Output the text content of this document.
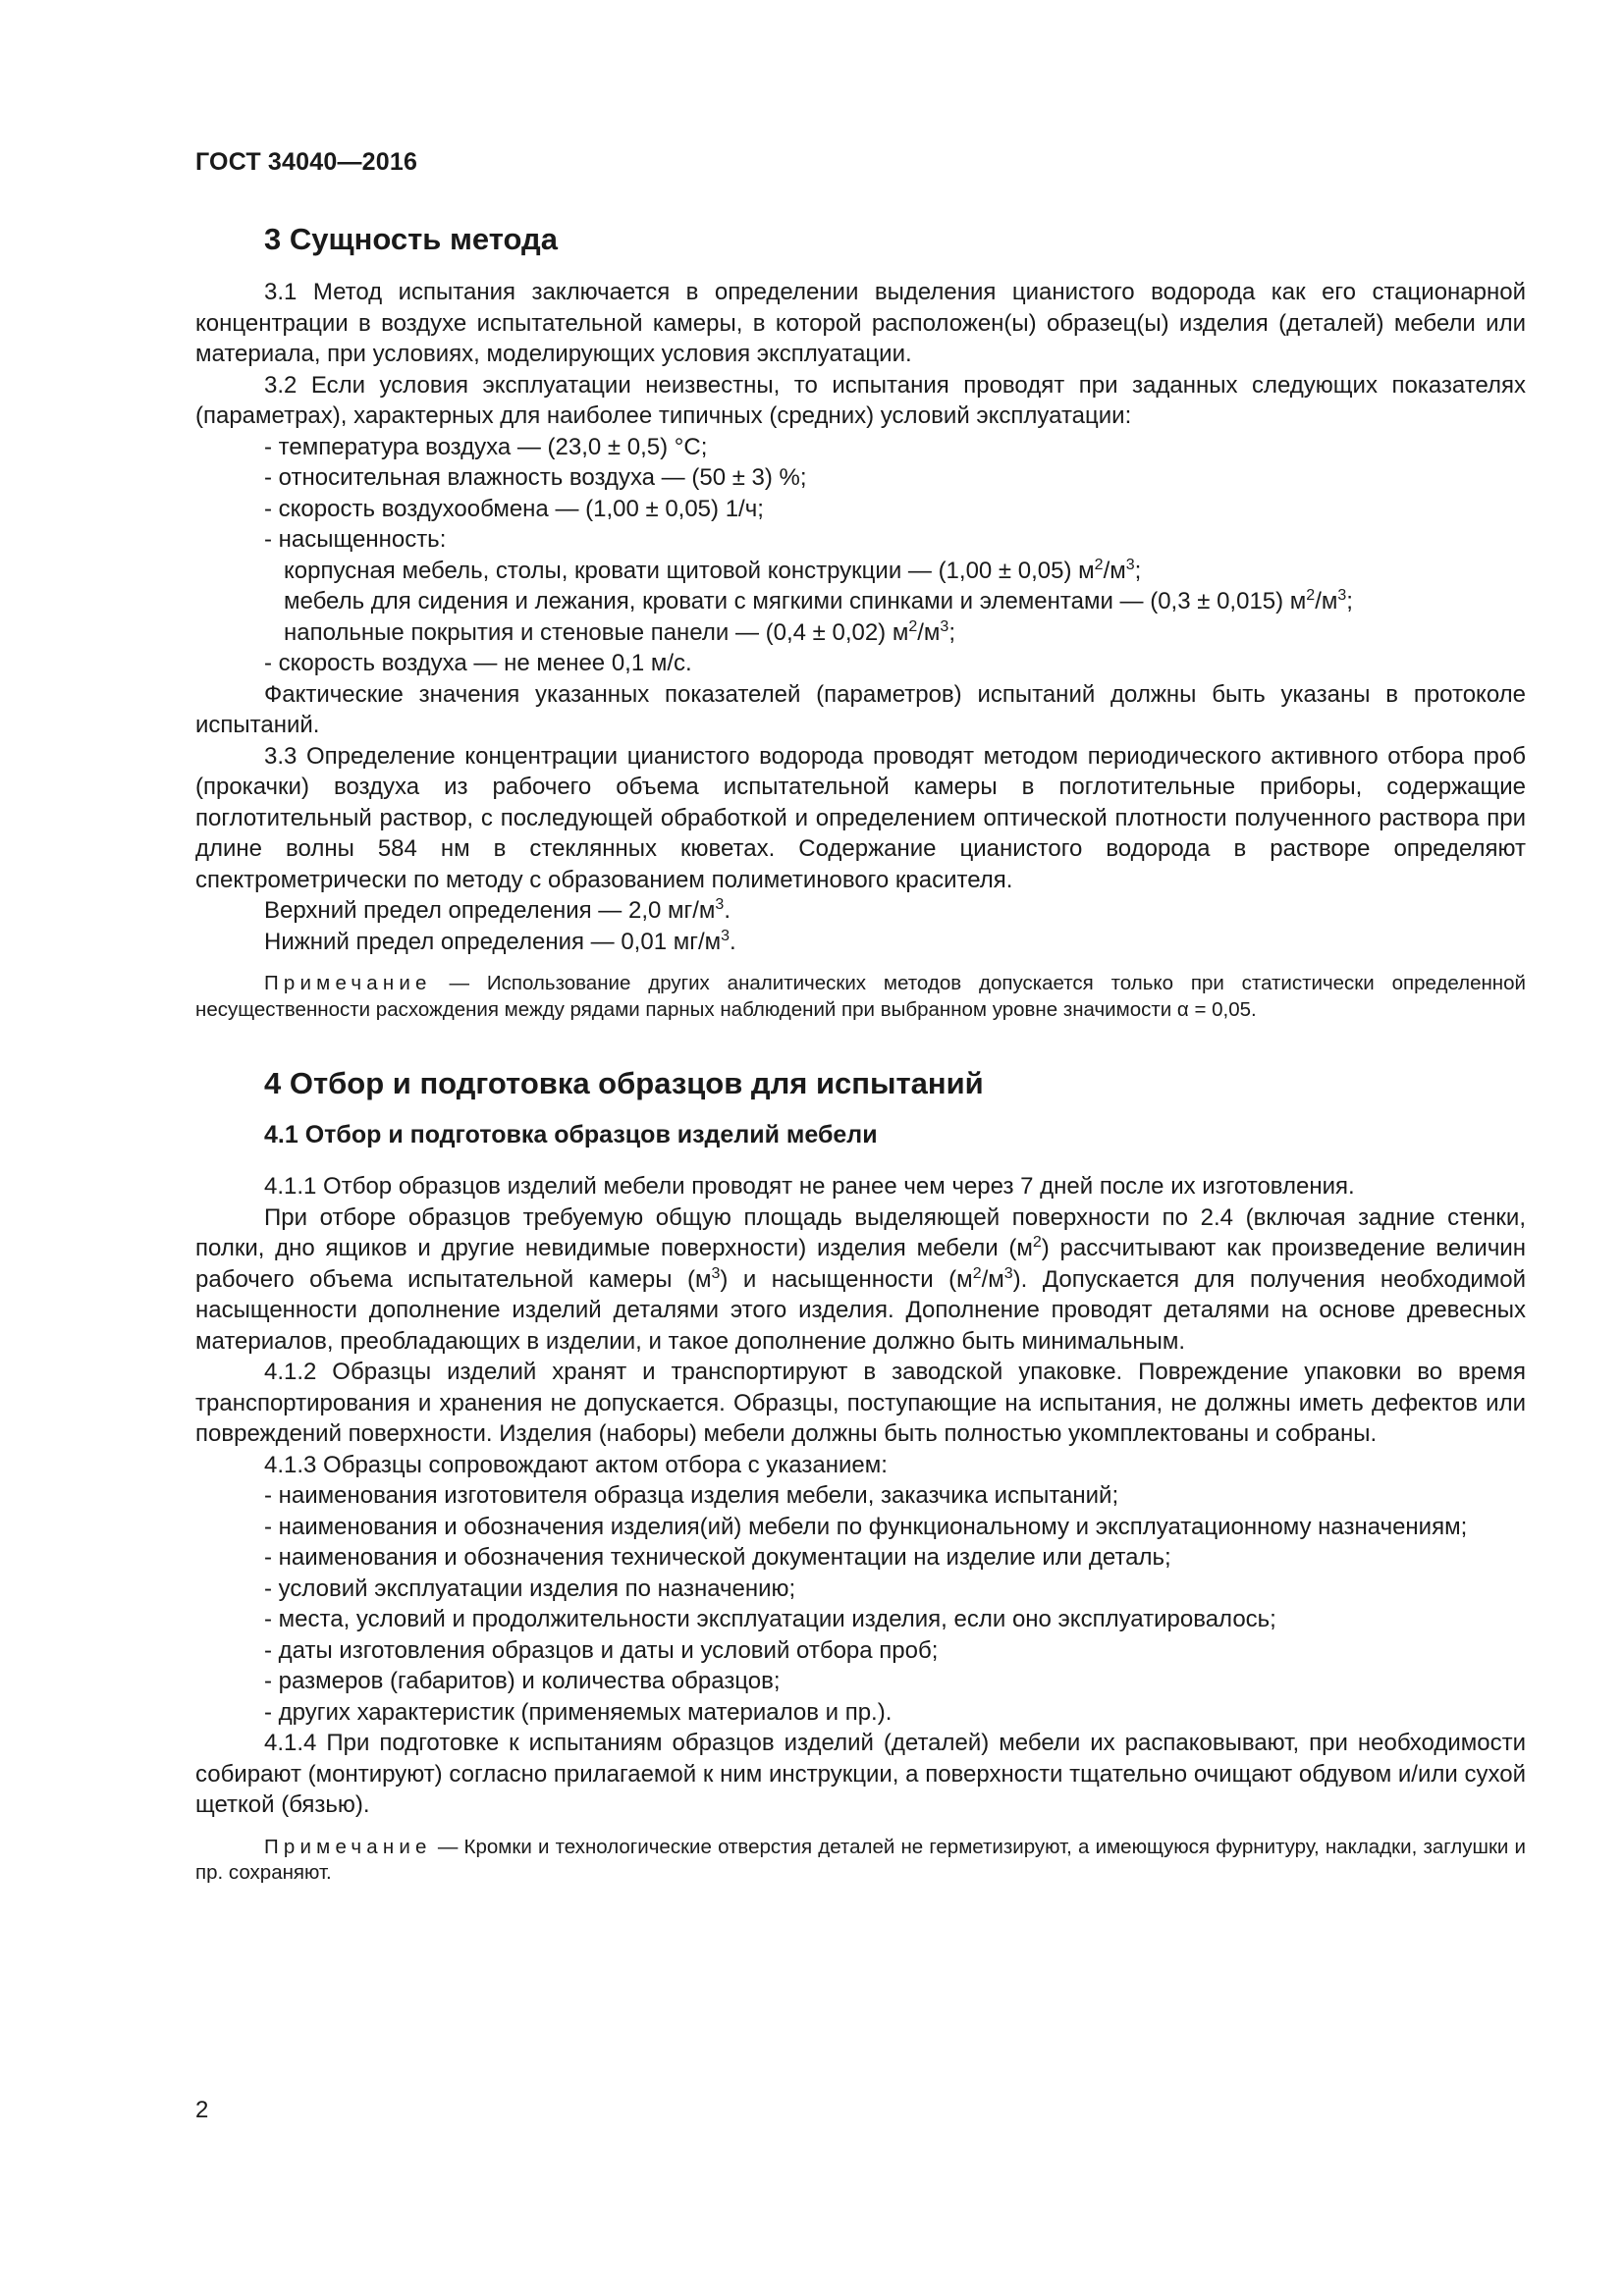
ГОСТ 34040—2016
3 Сущность метода

3.1 Метод испытания заключается в определении выделения цианистого водорода как его стационарной концентрации в воздухе испытательной камеры, в которой расположен(ы) образец(ы) изделия (деталей) мебели или материала, при условиях, моделирующих условия эксплуатации.

3.2 Если условия эксплуатации неизвестны, то испытания проводят при заданных следующих показателях (параметрах), характерных для наиболее типичных (средних) условий эксплуатации:

- температура воздуха — (23,0 ± 0,5) °С;
- относительная влажность воздуха — (50 ± 3) %;
- скорость воздухообмена — (1,00 ± 0,05) 1/ч;
- насыщенность:
корпусная мебель, столы, кровати щитовой конструкции — (1,00 ± 0,05) $м^2/м^3$;
мебель для сидения и лежания, кровати с мягкими спинками и элементами — (0,3 ± 0,015) $м^2/м^3$;
напольные покрытия и стеновые панели — (0,4 ± 0,02) $м^2/м^3$;
- скорость воздуха — не менее 0,1 м/с.

Фактические значения указанных показателей (параметров) испытаний должны быть указаны в протоколе испытаний.

3.3 Определение концентрации цианистого водорода проводят методом периодического активного отбора проб (прокачки) воздуха из рабочего объема испытательной камеры в поглотительные приборы, содержащие поглотительный раствор, с последующей обработкой и определением оптической плотности полученного раствора при длине волны 584 нм в стеклянных кюветах. Содержание цианистого водорода в растворе определяют спектрометрически по методу с образованием полиметинового красителя.

Верхний предел определения — 2,0 $мг/м^3$.

Нижний предел определения — 0,01 $мг/м^3$.

Примечание — Использование других аналитических методов допускается только при статистически определенной несущественности расхождения между рядами парных наблюдений при выбранном уровне значимости α = 0,05.

4 Отбор и подготовка образцов для испытаний
4.1 Отбор и подготовка образцов изделий мебели

4.1.1 Отбор образцов изделий мебели проводят не ранее чем через 7 дней после их изготовления.

При отборе образцов требуемую общую площадь выделяющей поверхности по 2.4 (включая задние стенки, полки, дно ящиков и другие невидимые поверхности) изделия мебели $(м^2)$ рассчитывают как произведение величин рабочего объема испытательной камеры $(м^3)$ и насыщенности $(м^2/м^3)$. Допускается для получения необходимой насыщенности дополнение изделий деталями этого изделия. Дополнение проводят деталями на основе древесных материалов, преобладающих в изделии, и такое дополнение должно быть минимальным.

4.1.2 Образцы изделий хранят и транспортируют в заводской упаковке. Повреждение упаковки во время транспортирования и хранения не допускается. Образцы, поступающие на испытания, не должны иметь дефектов или повреждений поверхности. Изделия (наборы) мебели должны быть полностью укомплектованы и собраны.

4.1.3 Образцы сопровождают актом отбора с указанием:

- наименования изготовителя образца изделия мебели, заказчика испытаний;

- наименования и обозначения изделия(ий) мебели по функциональному и эксплуатационному назначениям;

- наименования и обозначения технической документации на изделие или деталь;
- условий эксплуатации изделия по назначению;
- места, условий и продолжительности эксплуатации изделия, если оно эксплуатировалось;
- даты изготовления образцов и даты и условий отбора проб;
- размеров (габаритов) и количества образцов;
- других характеристик (применяемых материалов и пр.).

4.1.4 При подготовке к испытаниям образцов изделий (деталей) мебели их распаковывают, при необходимости собирают (монтируют) согласно прилагаемой к ним инструкции, а поверхности тщательно очищают обдувом и/или сухой щеткой (бязью).

Примечание — Кромки и технологические отверстия деталей не герметизируют, а имеющуюся фурнитуру, накладки, заглушки и пр. сохраняют.

2
